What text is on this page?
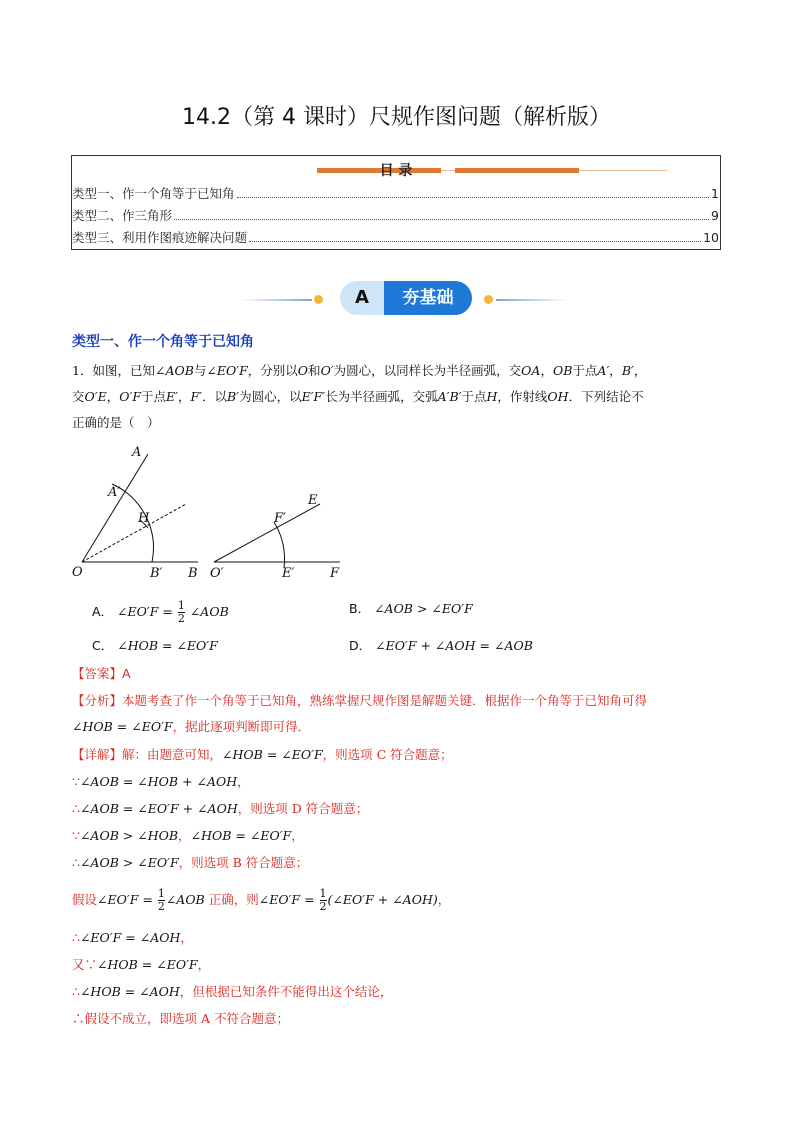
14.2（第 4 课时）尺规作图问题（解析版）
目 录
类型一、作一个角等于已知角	1
类型二、作三角形	9
类型三、利用作图痕迹解决问题	10
A	夯基础
类型一、作一个角等于已知角
1．如图，已知∠AOB与∠EO′F，分别以O和O′为圆心，以同样长为半径画弧，交OA，OB于点A′，B′，
交O′E，O′F于点E′，F′．以B′为圆心，以E′F′长为半径画弧，交弧A′B′于点H，作射线OH．下列结论不
正确的是（　）
A
A′
H
O	B′ B
E
F′
O′	E′	F
A． ∠EO′F = $\frac{1}{2}$ ∠AOB	B． ∠AOB > ∠EO′F
C． ∠HOB = ∠EO′F	D． ∠EO′F + ∠AOH = ∠AOB
【答案】A
【分析】本题考查了作一个角等于已知角，熟练掌握尺规作图是解题关键．根据作一个角等于已知角可得
∠HOB = ∠EO′F，据此逐项判断即可得．
【详解】解：由题意可知，∠HOB = ∠EO′F，则选项 C 符合题意；
∵∠AOB = ∠HOB + ∠AOH，
∴∠AOB = ∠EO′F + ∠AOH，则选项 D 符合题意；
∵∠AOB > ∠HOB，∠HOB = ∠EO′F，
∴∠AOB > ∠EO′F，则选项 B 符合题意；
假设∠EO′F = $\frac{1}{2}$ ∠AOB 正确，则∠EO′F = $\frac{1}{2}$ (∠EO′F + ∠AOH)，
∴∠EO′F = ∠AOH，
又∵∠HOB = ∠EO′F，
∴∠HOB = ∠AOH，但根据已知条件不能得出这个结论，
∴假设不成立，即选项 A 不符合题意；
